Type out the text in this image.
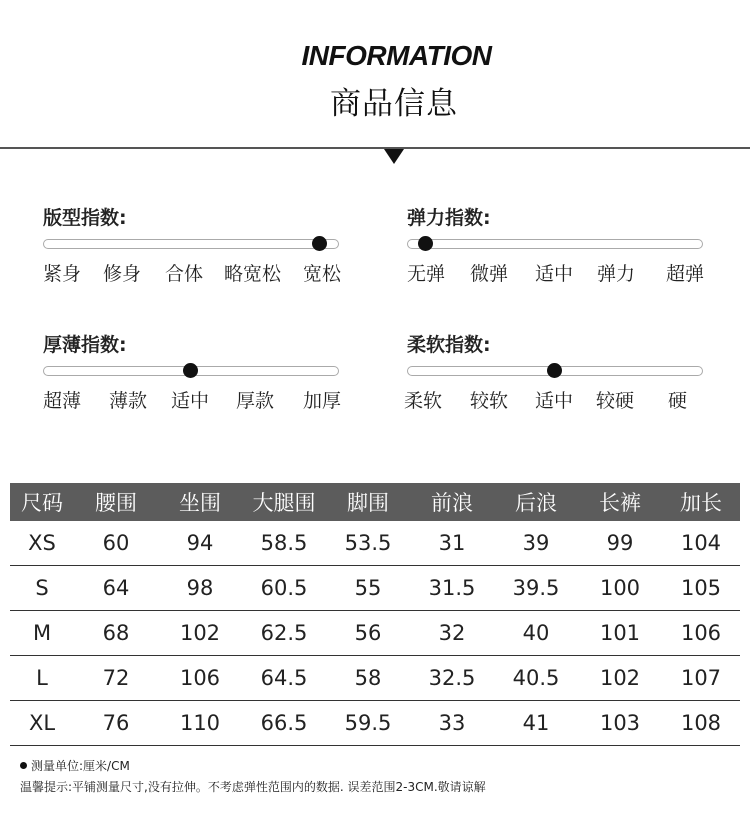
INFORMATION
商品信息
版型指数:
紧身 修身 合体 略宽松 宽松
弹力指数:
无弹 微弹 适中 弹力 超弹
厚薄指数:
超薄 薄款 适中 厚款 加厚
柔软指数:
柔软 较软 适中 较硬 硬
尺码	腰围	坐围	大腿围	脚围	前浪	后浪	长裤	加长
XS	60	94	58.5	53.5	31	39	99	104
S	64	98	60.5	55	31.5	39.5	100	105
M	68	102	62.5	56	32	40	101	106
L	72	106	64.5	58	32.5	40.5	102	107
XL	76	110	66.5	59.5	33	41	103	108
测量单位:厘米/CM
温馨提示:平铺测量尺寸,没有拉伸。不考虑弹性范围内的数据. 误差范围2-3CM.敬请谅解
